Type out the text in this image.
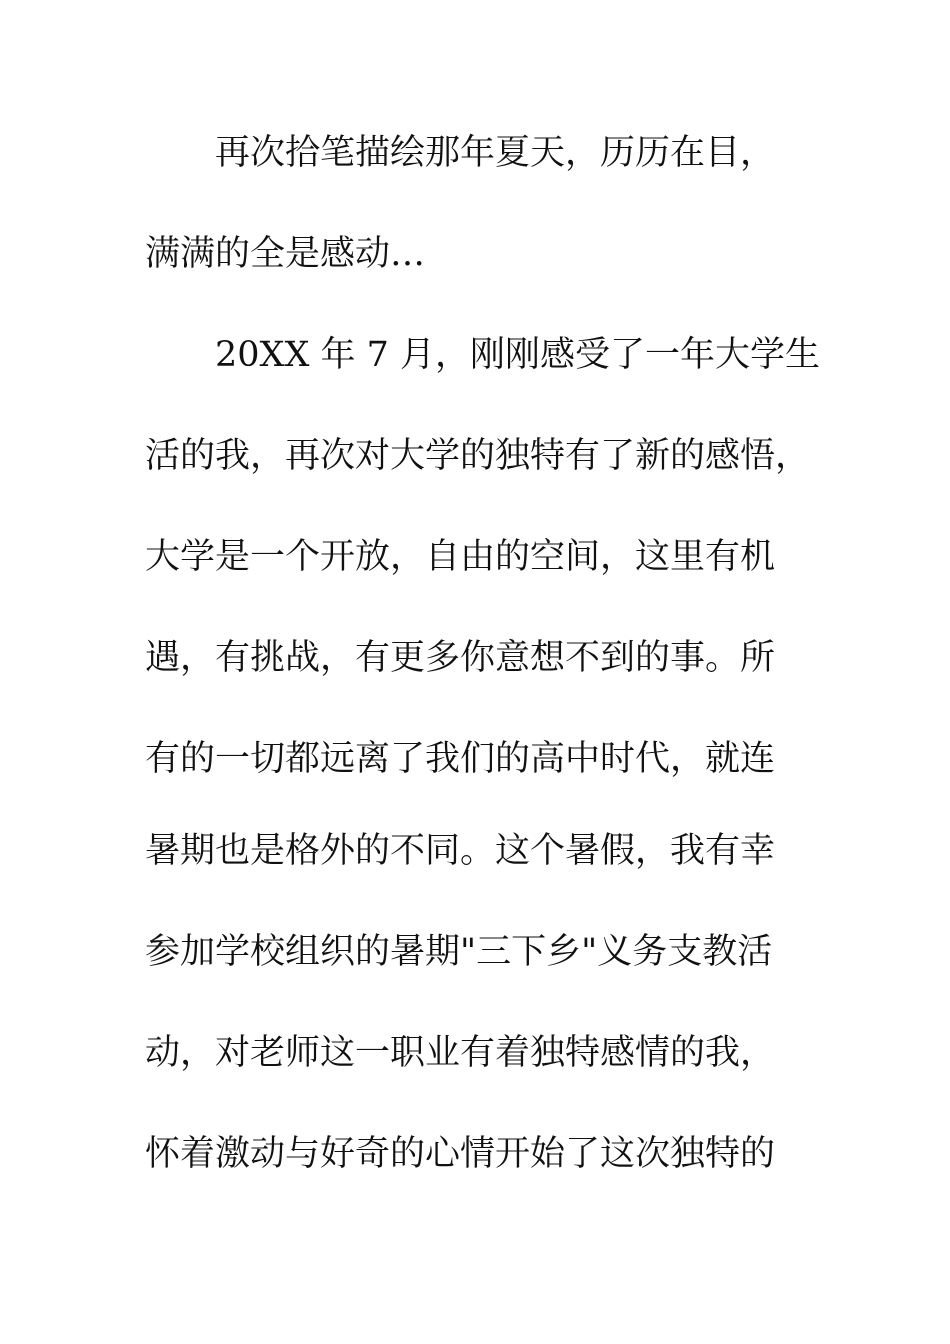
再次拾笔描绘那年夏天，历历在目，

满满的全是感动…

20XX 年 7 月，刚刚感受了一年大学生

活的我，再次对大学的独特有了新的感悟，

大学是一个开放，自由的空间，这里有机

遇，有挑战，有更多你意想不到的事。所

有的一切都远离了我们的高中时代，就连

暑期也是格外的不同。这个暑假，我有幸

参加学校组织的暑期"三下乡"义务支教活

动，对老师这一职业有着独特感情的我，

怀着激动与好奇的心情开始了这次独特的
